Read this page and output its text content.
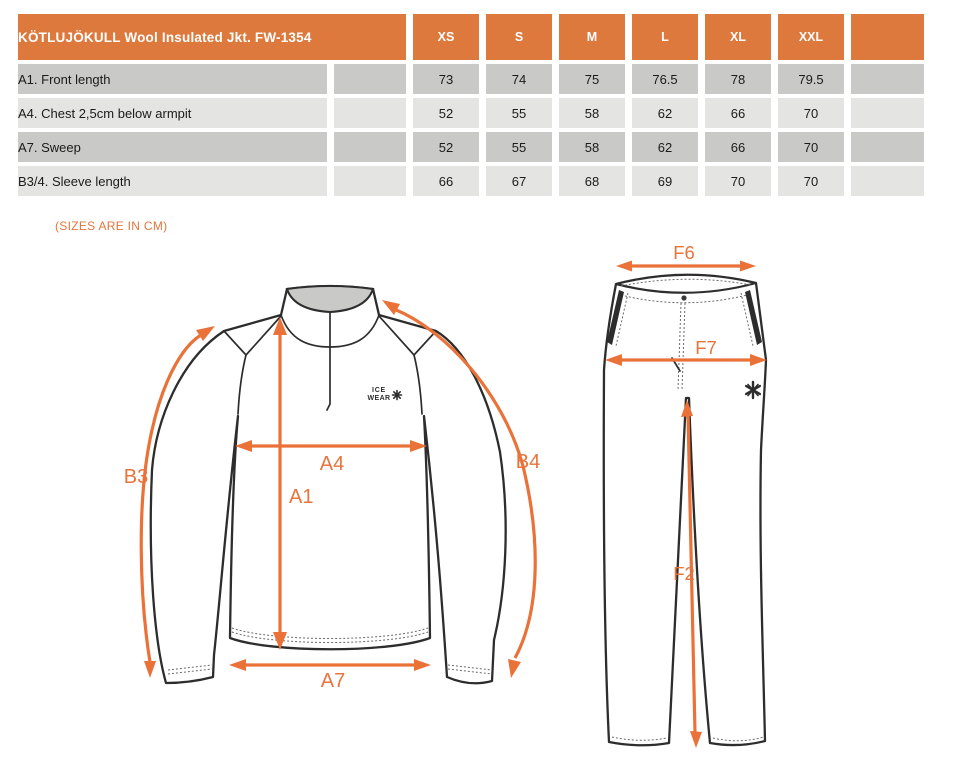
KÖTLUJÖKULL Wool Insulated Jkt. FW-1354		XS	S	M	L	XL	XXL	
A1. Front length		73	74	75	76.5	78	79.5	
A4. Chest 2,5cm below armpit		52	55	58	62	66	70	
A7. Sweep		52	55	58	62	66	70	
B3/4. Sleeve length		66	67	68	69	70	70	
(SIZES ARE IN CM)
ICE
WEAR
A1
A4
A7
B3
B4
F6
F7
F2
